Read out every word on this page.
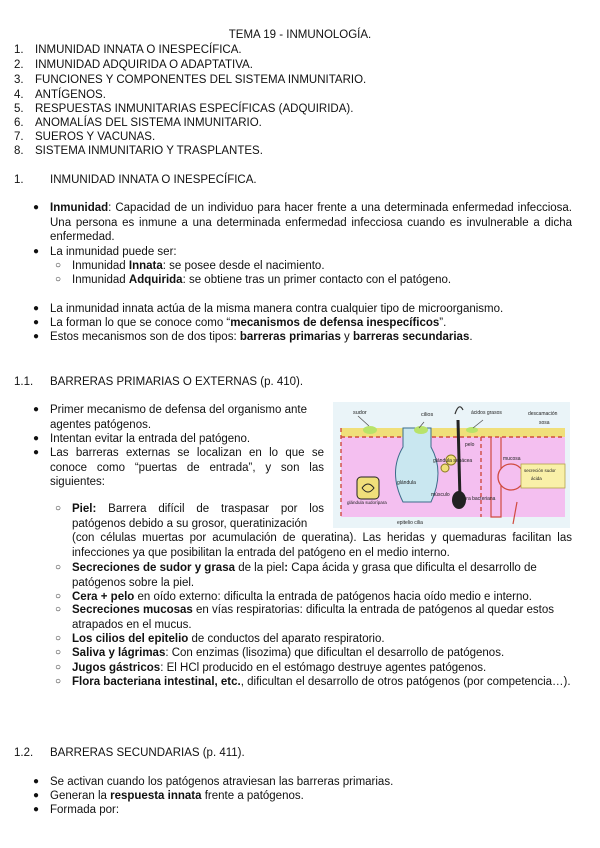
TEMA 19 - INMUNOLOGÍA.
1. INMUNIDAD INNATA O INESPECÍFICA.
2. INMUNIDAD ADQUIRIDA O ADAPTATIVA.
3. FUNCIONES Y COMPONENTES DEL SISTEMA INMUNITARIO.
4. ANTÍGENOS.
5. RESPUESTAS INMUNITARIAS ESPECÍFICAS (ADQUIRIDA).
6. ANOMALÍAS DEL SISTEMA INMUNITARIO.
7. SUEROS Y VACUNAS.
8. SISTEMA INMUNITARIO Y TRASPLANTES.
1. INMUNIDAD INNATA O INESPECÍFICA.
● Inmunidad: Capacidad de un individuo para hacer frente a una determinada enfermedad infecciosa. Una persona es inmune a una determinada enfermedad infecciosa cuando es invulnerable a dicha enfermedad.
● La inmunidad puede ser:
○ Inmunidad Innata: se posee desde el nacimiento.
○ Inmunidad Adquirida: se obtiene tras un primer contacto con el patógeno.
● La inmunidad innata actúa de la misma manera contra cualquier tipo de microorganismo.
● La forman lo que se conoce como “mecanismos de defensa inespecíficos”.
● Estos mecanismos son de dos tipos: barreras primarias y barreras secundarias.
1.1. BARRERAS PRIMARIAS O EXTERNAS (p. 410).
● Primer mecanismo de defensa del organismo ante agentes patógenos.
● Intentan evitar la entrada del patógeno.
● Las barreras externas se localizan en lo que se conoce como “puertas de entrada”, y son las siguientes:
sudor	cilios	ácidos grasos	descamación
sosa
glándula sebácea
pelo
mucosa
secreción sudor
ácida
glándula sudorípara
glándula
músculo
flora bacteriana
epitelio cilia
○ Piel: Barrera difícil de traspasar por los patógenos debido a su grosor, queratinización
(con células muertas por acumulación de queratina). Las heridas y quemaduras facilitan las infecciones ya que posibilitan la entrada del patógeno en el medio interno.
○ Secreciones de sudor y grasa de la piel: Capa ácida y grasa que dificulta el desarrollo de patógenos sobre la piel.
○ Cera + pelo en oído externo: dificulta la entrada de patógenos hacia oído medio e interno.
○ Secreciones mucosas en vías respiratorias: dificulta la entrada de patógenos al quedar estos atrapados en el mucus.
○ Los cilios del epitelio de conductos del aparato respiratorio.
○ Saliva y lágrimas: Con enzimas (lisozima) que dificultan el desarrollo de patógenos.
○ Jugos gástricos: El HCl producido en el estómago destruye agentes patógenos.
○ Flora bacteriana intestinal, etc., dificultan el desarrollo de otros patógenos (por competencia…).
1.2. BARRERAS SECUNDARIAS (p. 411).
● Se activan cuando los patógenos atraviesan las barreras primarias.
● Generan la respuesta innata frente a patógenos.
● Formada por:
